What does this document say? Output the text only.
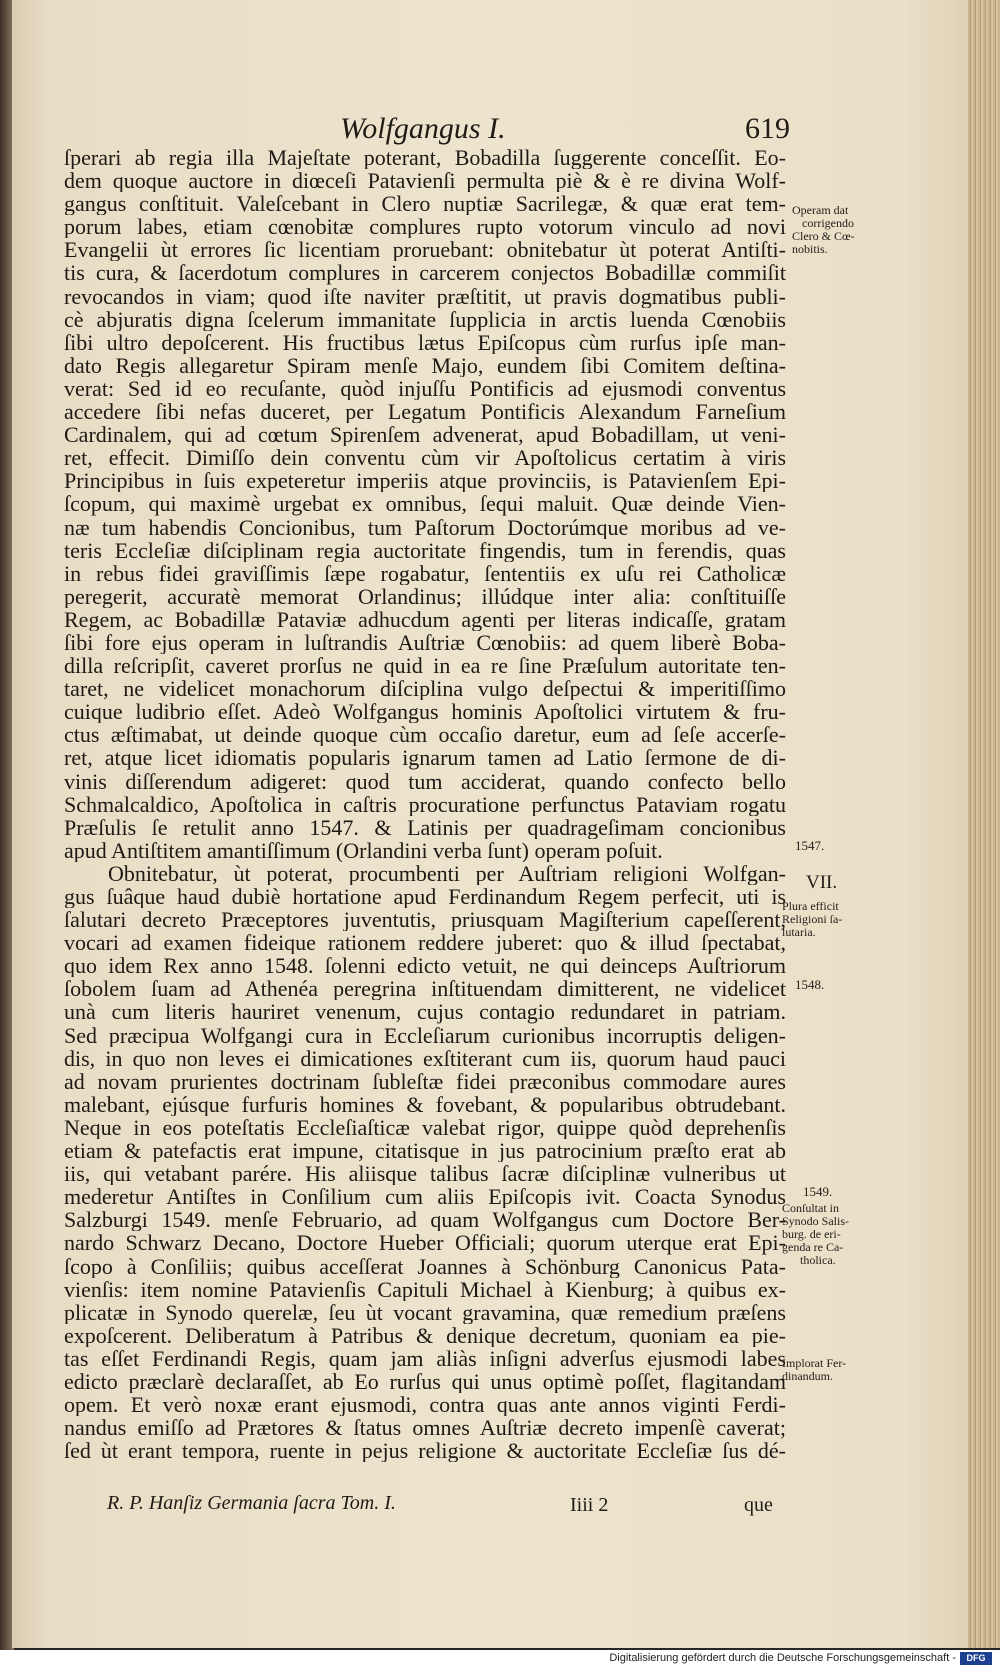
Wolfgangus I.	619
ſperari ab regia illa Majeſtate poterant, Bobadilla ſuggerente conceſſit. Eo-
dem quoque auctore in diœceſi Patavienſi permulta piè & è re divina Wolf-
gangus conſtituit. Valeſcebant in Clero nuptiæ Sacrilegæ, & quæ erat tem-
porum labes, etiam cœnobitæ complures rupto votorum vinculo ad novi
Evangelii ùt errores ſic licentiam proruebant: obnitebatur ùt poterat Antiſti-
tis cura, & ſacerdotum complures in carcerem conjectos Bobadillæ commiſit
revocandos in viam; quod iſte naviter præſtitit, ut pravis dogmatibus publi-
cè abjuratis digna ſcelerum immanitate ſupplicia in arctis luenda Cœnobiis
ſibi ultro depoſcerent. His fructibus lætus Epiſcopus cùm rurſus ipſe man-
dato Regis allegaretur Spiram menſe Majo, eundem ſibi Comitem deſtina-
verat: Sed id eo recuſante, quòd injuſſu Pontificis ad ejusmodi conventus
accedere ſibi nefas duceret, per Legatum Pontificis Alexandum Farneſium
Cardinalem, qui ad cœtum Spirenſem advenerat, apud Bobadillam, ut veni-
ret, effecit. Dimiſſo dein conventu cùm vir Apoſtolicus certatim à viris
Principibus in ſuis expeteretur imperiis atque provinciis, is Patavienſem Epi-
ſcopum, qui maximè urgebat ex omnibus, ſequi maluit. Quæ deinde Vien-
næ tum habendis Concionibus, tum Paſtorum Doctorúmque moribus ad ve-
teris Eccleſiæ diſciplinam regia auctoritate fingendis, tum in ferendis, quas
in rebus fidei graviſſimis ſæpe rogabatur, ſententiis ex uſu rei Catholicæ
peregerit, accuratè memorat Orlandinus; illúdque inter alia: conſtituiſſe
Regem, ac Bobadillæ Pataviæ adhucdum agenti per literas indicaſſe, gratam
ſibi fore ejus operam in luſtrandis Auſtriæ Cœnobiis: ad quem liberè Boba-
dilla reſcripſit, caveret prorſus ne quid in ea re ſine Præſulum autoritate ten-
taret, ne videlicet monachorum diſciplina vulgo deſpectui & imperitiſſimo
cuique ludibrio eſſet. Adeò Wolfgangus hominis Apoſtolici virtutem & fru-
ctus æſtimabat, ut deinde quoque cùm occaſio daretur, eum ad ſeſe accerſe-
ret, atque licet idiomatis popularis ignarum tamen ad Latio ſermone de di-
vinis diſſerendum adigeret: quod tum acciderat, quando confecto bello
Schmalcaldico, Apoſtolica in caſtris procuratione perfunctus Pataviam rogatu
Præſulis ſe retulit anno 1547. & Latinis per quadrageſimam concionibus
apud Antiſtitem amantiſſimum (Orlandini verba ſunt) operam poſuit.
Obnitebatur, ùt poterat, procumbenti per Auſtriam religioni Wolfgan-
gus ſuâque haud dubiè hortatione apud Ferdinandum Regem perfecit, uti is
ſalutari decreto Præceptores juventutis, priusquam Magiſterium capeſſerent,
vocari ad examen fideique rationem reddere juberet: quo & illud ſpectabat,
quo idem Rex anno 1548. ſolenni edicto vetuit, ne qui deinceps Auſtriorum
ſobolem ſuam ad Athenéa peregrina inſtituendam dimitterent, ne videlicet
unà cum literis hauriret venenum, cujus contagio redundaret in patriam.
Sed præcipua Wolfgangi cura in Eccleſiarum curionibus incorruptis deligen-
dis, in quo non leves ei dimicationes exſtiterant cum iis, quorum haud pauci
ad novam prurientes doctrinam ſubleſtæ fidei præconibus commodare aures
malebant, ejúsque furfuris homines & fovebant, & popularibus obtrudebant.
Neque in eos poteſtatis Eccleſiaſticæ valebat rigor, quippe quòd deprehenſis
etiam & patefactis erat impune, citatisque in jus patrocinium præſto erat ab
iis, qui vetabant parére. His aliisque talibus ſacræ diſciplinæ vulneribus ut
mederetur Antiſtes in Conſilium cum aliis Epiſcopis ivit. Coacta Synodus
Salzburgi 1549. menſe Februario, ad quam Wolfgangus cum Doctore Ber-
nardo Schwarz Decano, Doctore Hueber Officiali; quorum uterque erat Epi-
ſcopo à Conſiliis; quibus acceſſerat Joannes à Schönburg Canonicus Pata-
vienſis: item nomine Patavienſis Capituli Michael à Kienburg; à quibus ex-
plicatæ in Synodo querelæ, ſeu ùt vocant gravamina, quæ remedium præſens
expoſcerent. Deliberatum à Patribus & denique decretum, quoniam ea pie-
tas eſſet Ferdinandi Regis, quam jam aliàs inſigni adverſus ejusmodi labes
edicto præclarè declaraſſet, ab Eo rurſus qui unus optimè poſſet, flagitandam
opem. Et verò noxæ erant ejusmodi, contra quas ante annos viginti Ferdi-
nandus emiſſo ad Prætores & ſtatus omnes Auſtriæ decreto impenſè caverat;
ſed ùt erant tempora, ruente in pejus religione & auctoritate Eccleſiæ ſus dé-
Operam dat
corrigendo
Clero & Cœ-
nobitis.
1547.
VII.
Plura efficit
Religioni ſa-
lutaria.
1548.
1549.
Conſultat in
Synodo Salis-
burg. de eri-
genda re Ca-
tholica.
Implorat Fer-
dinandum.
R. P. Hanſiz Germania ſacra Tom. I.	Iiii 2	que
Digitalisierung gefördert durch die Deutsche Forschungsgemeinschaft -	DFG
